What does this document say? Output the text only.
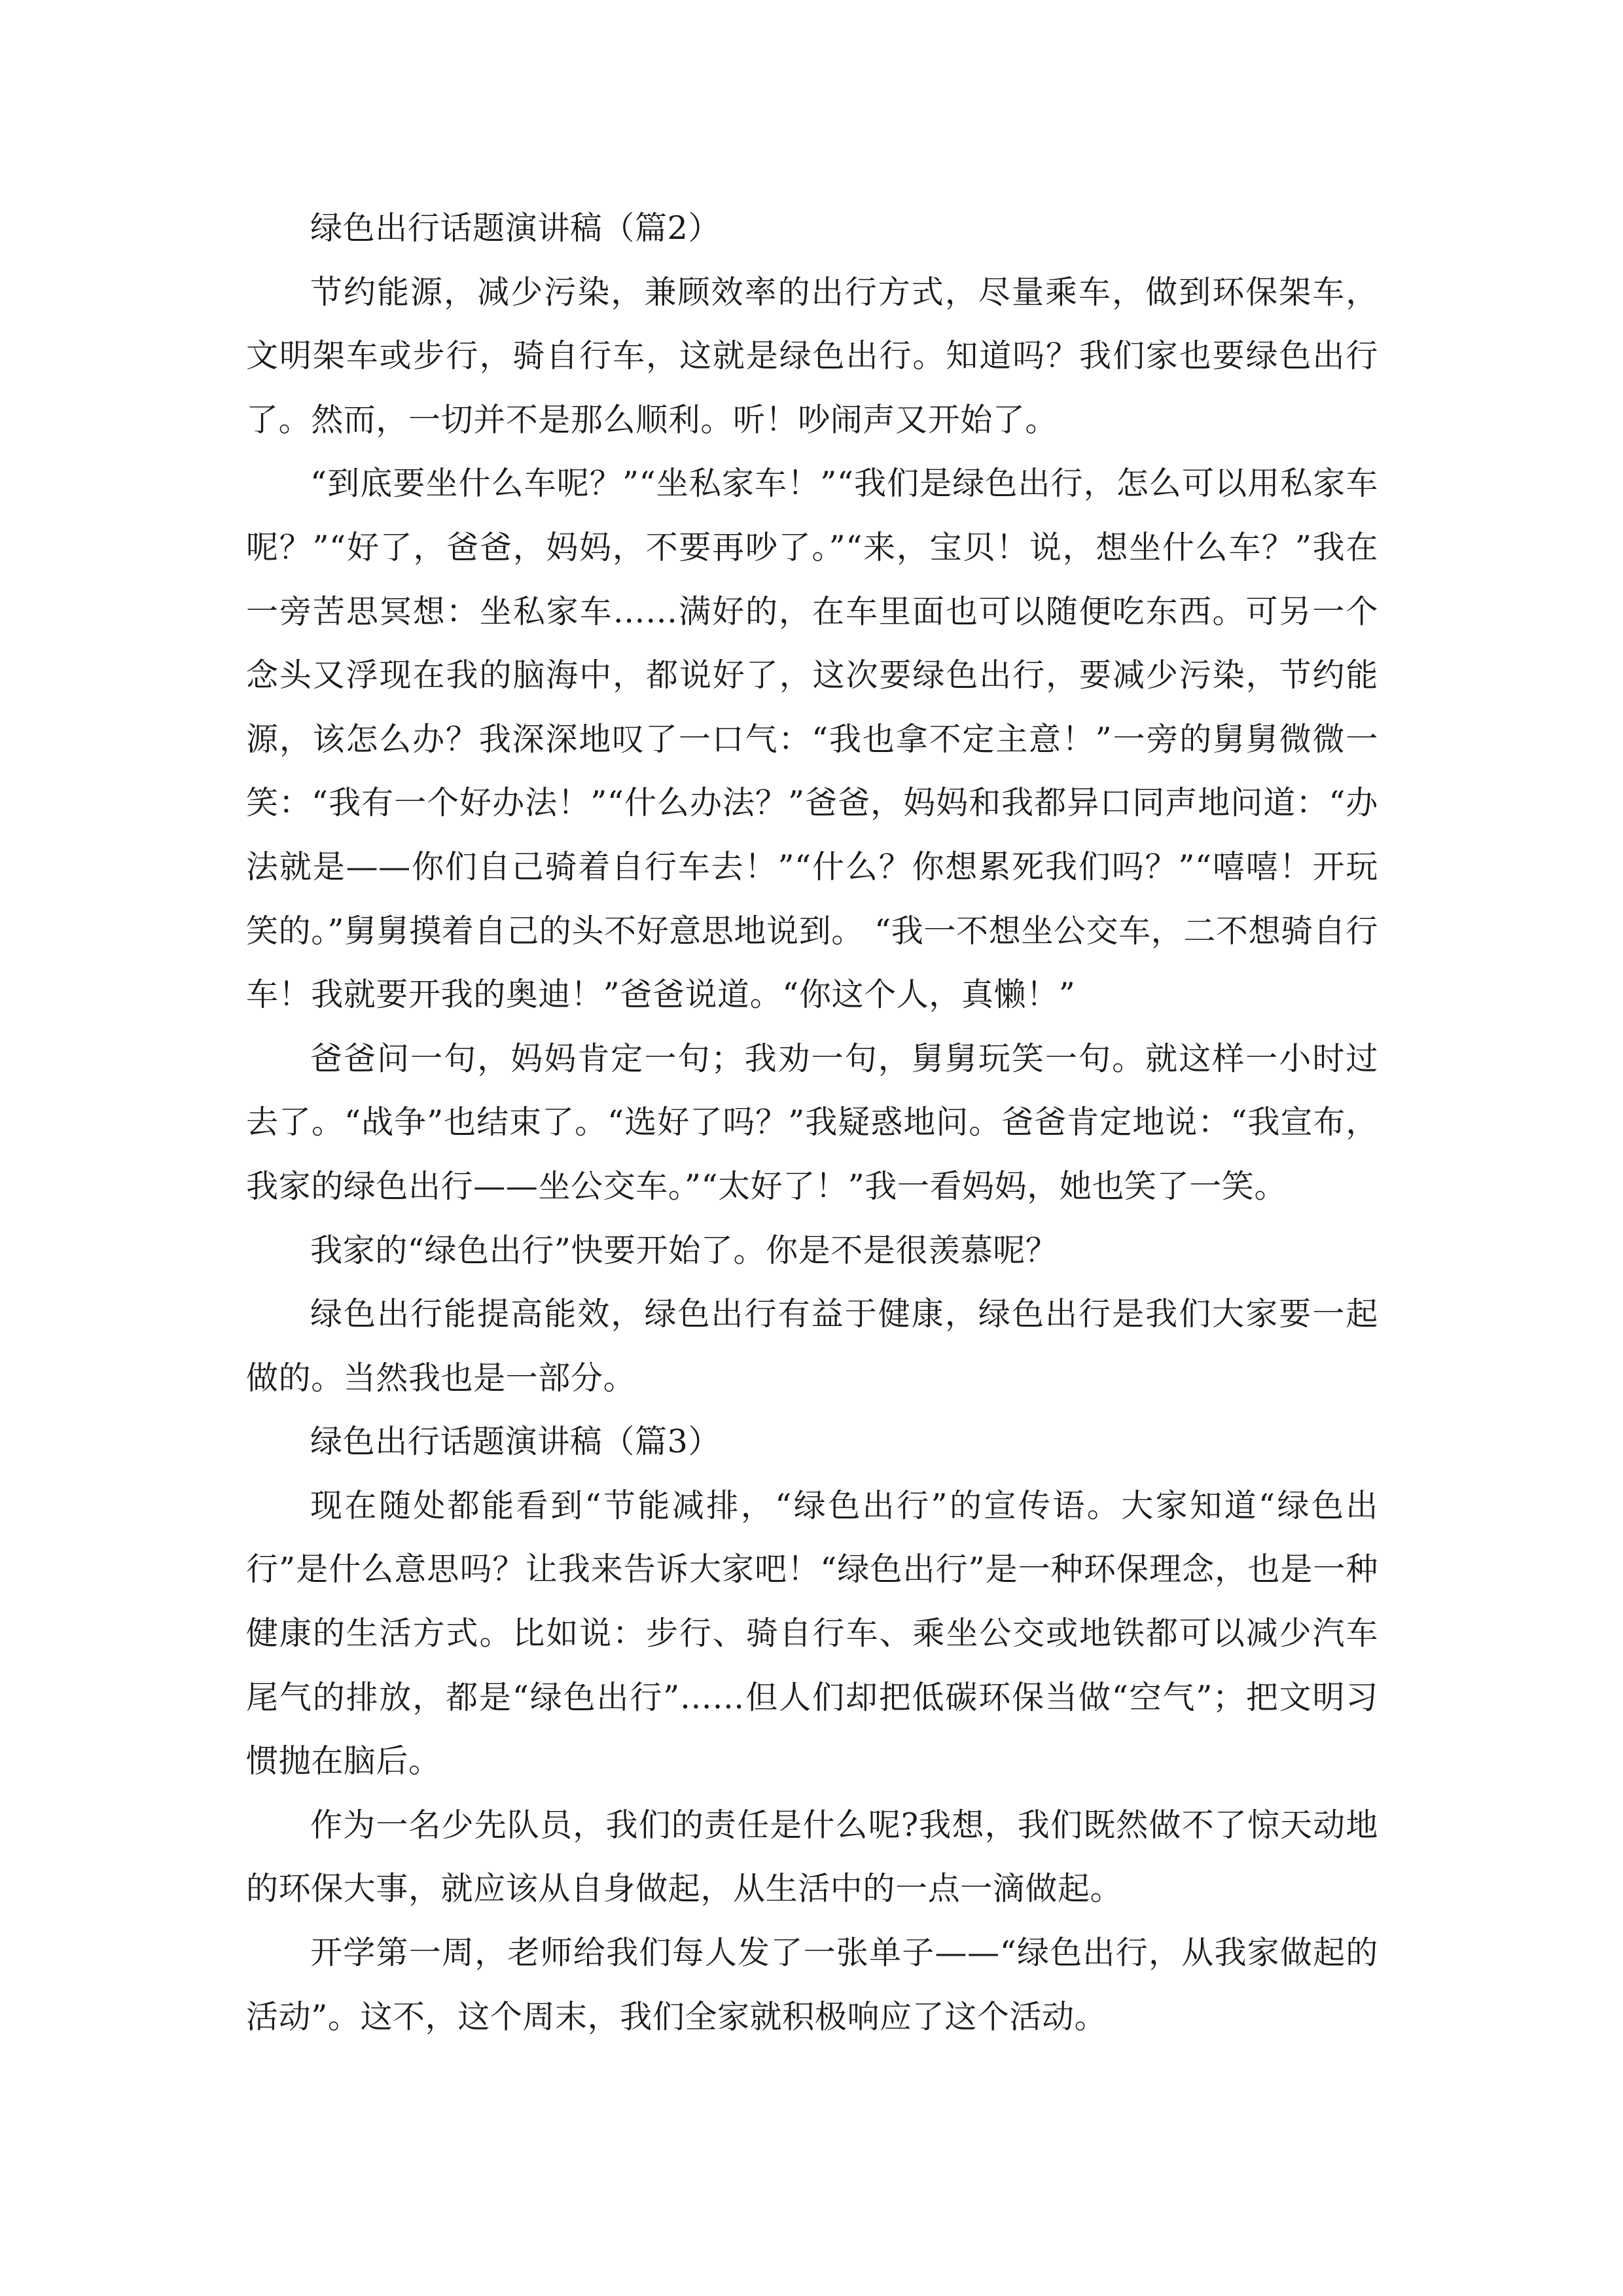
绿色出行话题演讲稿（篇2）

节约能源，减少污染，兼顾效率的出行方式，尽量乘车，做到环保架车，文明架车或步行，骑自行车，这就是绿色出行。知道吗？我们家也要绿色出行了。然而，一切并不是那么顺利。听！吵闹声又开始了。

“到底要坐什么车呢？”“坐私家车！”“我们是绿色出行，怎么可以用私家车呢？”“好了，爸爸，妈妈，不要再吵了。”“来，宝贝！说，想坐什么车？”我在一旁苦思冥想：坐私家车……满好的，在车里面也可以随便吃东西。可另一个念头又浮现在我的脑海中，都说好了，这次要绿色出行，要减少污染，节约能源，该怎么办？我深深地叹了一口气：“我也拿不定主意！”一旁的舅舅微微一笑：“我有一个好办法！”“什么办法？”爸爸，妈妈和我都异口同声地问道：“办法就是——你们自己骑着自行车去！”“什么？你想累死我们吗？”“嘻嘻！开玩笑的。”舅舅摸着自己的头不好意思地说到。 “我一不想坐公交车，二不想骑自行车！我就要开我的奥迪！”爸爸说道。“你这个人，真懒！”

爸爸问一句，妈妈肯定一句；我劝一句，舅舅玩笑一句。就这样一小时过去了。“战争”也结束了。“选好了吗？”我疑惑地问。爸爸肯定地说：“我宣布，我家的绿色出行——坐公交车。”“太好了！”我一看妈妈，她也笑了一笑。

我家的“绿色出行”快要开始了。你是不是很羡慕呢？

绿色出行能提高能效，绿色出行有益于健康，绿色出行是我们大家要一起做的。当然我也是一部分。

绿色出行话题演讲稿（篇3）

现在随处都能看到“节能减排，“绿色出行”的宣传语。大家知道“绿色出行”是什么意思吗？让我来告诉大家吧！“绿色出行”是一种环保理念，也是一种健康的生活方式。比如说：步行、骑自行车、乘坐公交或地铁都可以减少汽车尾气的排放，都是“绿色出行”……但人们却把低碳环保当做“空气”；把文明习惯抛在脑后。

作为一名少先队员，我们的责任是什么呢?我想，我们既然做不了惊天动地的环保大事，就应该从自身做起，从生活中的一点一滴做起。

开学第一周，老师给我们每人发了一张单子——“绿色出行，从我家做起的活动”。这不，这个周末，我们全家就积极响应了这个活动。
